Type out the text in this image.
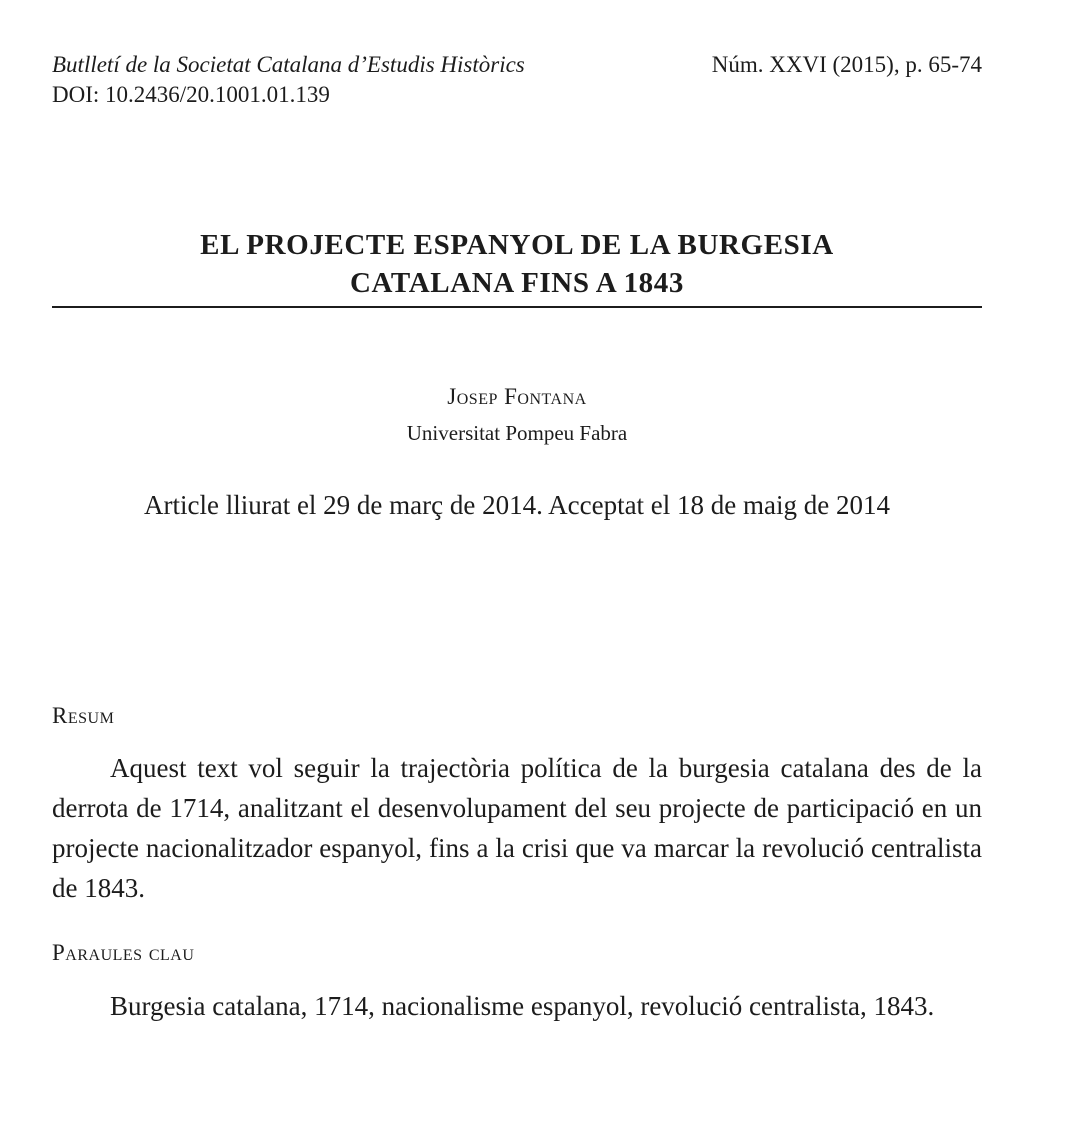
Butlletí de la Societat Catalana d’Estudis Històrics
DOI: 10.2436/20.1001.01.139
Núm. XXVI (2015), p. 65-74
EL PROJECTE ESPANYOL DE LA BURGESIA
CATALANA FINS A 1843
Josep Fontana
Universitat Pompeu Fabra
Article lliurat el 29 de març de 2014. Acceptat el 18 de maig de 2014
Resum
Aquest text vol seguir la trajectòria política de la burgesia catalana des de la derrota de 1714, analitzant el desenvolupament del seu projecte de participació en un projecte nacionalitzador espanyol, fins a la crisi que va marcar la revolució centralista de 1843.
Paraules clau
Burgesia catalana, 1714, nacionalisme espanyol, revolució centralista, 1843.
